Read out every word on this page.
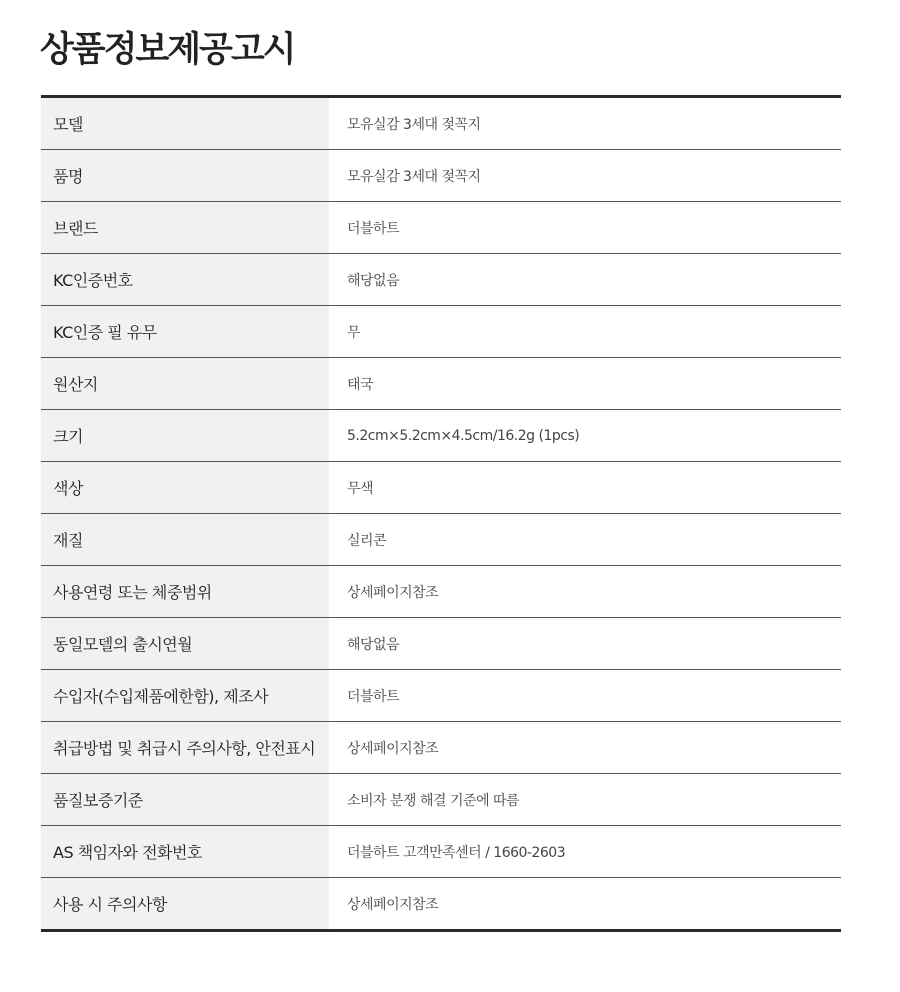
상품정보제공고시
모델	모유실감 3세대 젖꼭지
품명	모유실감 3세대 젖꼭지
브랜드	더블하트
KC인증번호	해당없음
KC인증 필 유무	무
원산지	태국
크기	5.2cm×5.2cm×4.5cm/16.2g (1pcs)
색상	무색
재질	실리콘
사용연령 또는 체중범위	상세페이지참조
동일모델의 출시연월	해당없음
수입자(수입제품에한함), 제조사	더블하트
취급방법 및 취급시 주의사항, 안전표시	상세페이지참조
품질보증기준	소비자 분쟁 해결 기준에 따름
AS 책임자와 전화번호	더블하트 고객만족센터 / 1660-2603
사용 시 주의사항	상세페이지참조
